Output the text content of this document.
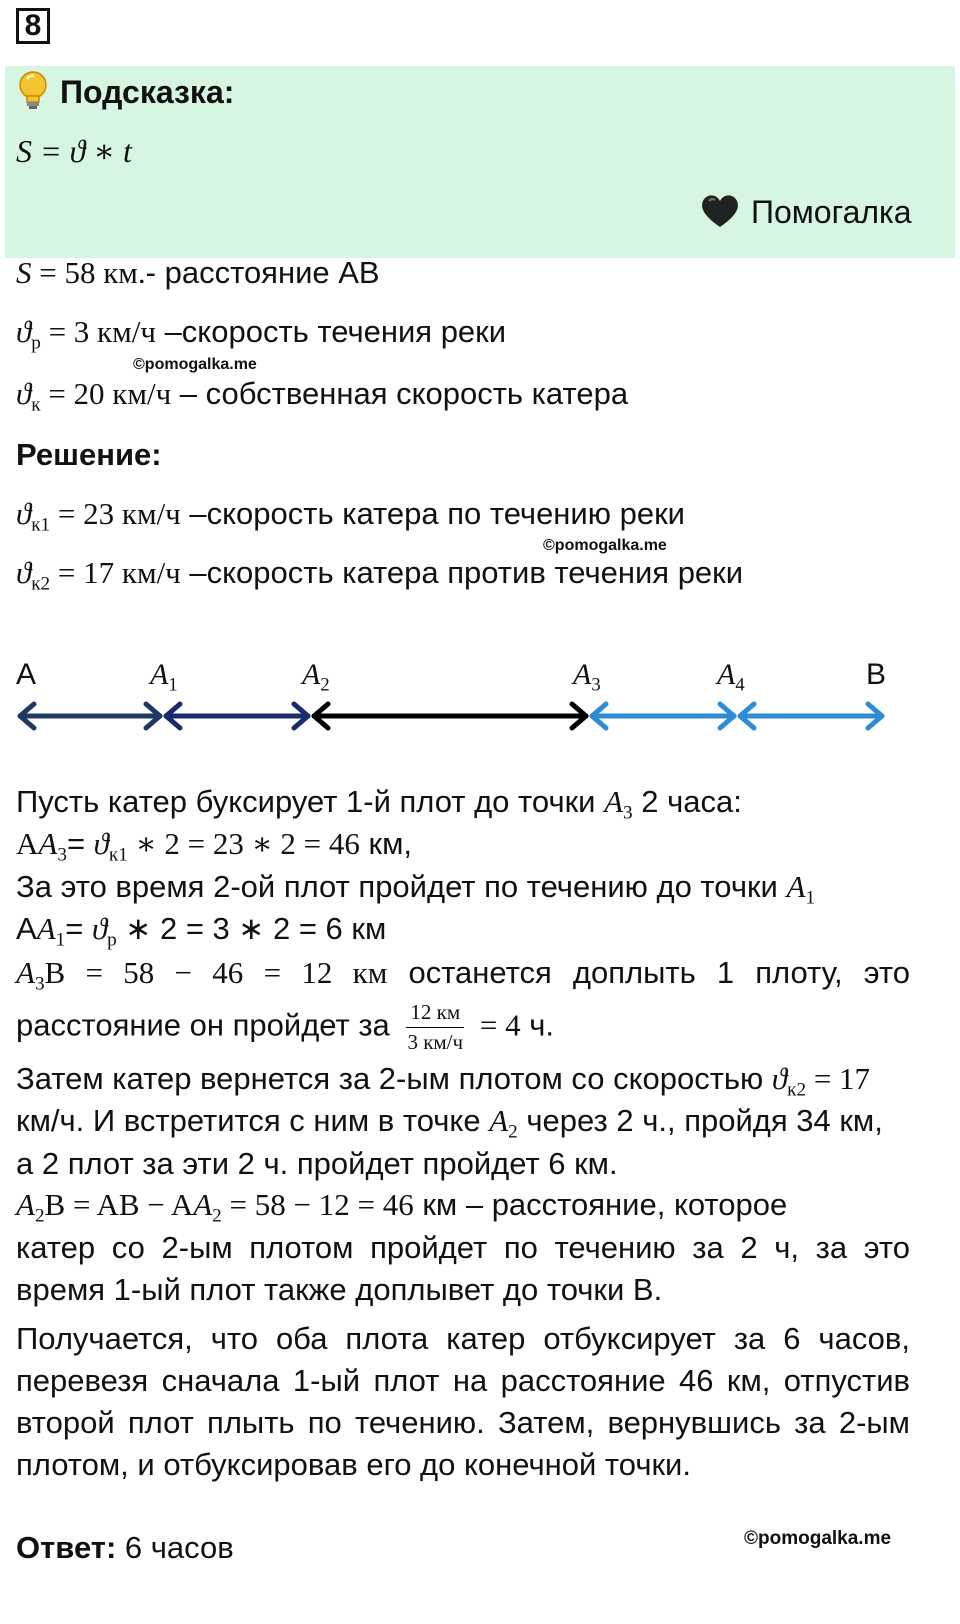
8
Подсказка:
S = ϑ ∗ t
Помогалка
S = 58 км.- расстояние АВ
$ϑ_р = 3$ км/ч –скорость течения реки
©pomogalka.me
$ϑ_к = 20$ км/ч – собственная скорость катера
Решение:
$ϑ_{к1} = 23$ км/ч –скорость катера по течению реки
©pomogalka.me
$ϑ_{к2} = 17$ км/ч –скорость катера против течения реки
A	$A_1$	$A_2$	$A_3$	$A_4$	B
Пусть катер буксирует 1-й плот до точки $A_3$ 2 часа:
$AA_3= ϑ_{к1}$ ∗ 2 = 23 ∗ 2 = 46 км,
За это время 2-ой плот пройдет по течению до точки $A_1$
$АA_1= ϑ_р$ ∗ 2 = 3 ∗ 2 = 6 км
$A_3B = 58 - 46 = 12$ км останется доплыть 1 плоту, это
расстояние он пройдет за $\frac{12 км}{3 км/ч} = 4$ ч.
Затем катер вернется за 2-ым плотом со скоростью $ϑ_{к2} = 17$
км/ч. И встретится с ним в точке $A_2$ через 2 ч., пройдя 34 км,
а 2 плот за эти 2 ч. пройдет пройдет 6 км.
$A_2B$ = AB − $AA_2 = 58 - 12 = 46$ км – расстояние, которое
катер со 2-ым плотом пройдет по течению за 2 ч, за это
время 1-ый плот также доплывет до точки В.
Получается, что оба плота катер отбуксирует за 6 часов,
перевезя сначала 1-ый плот на расстояние 46 км, отпустив
второй плот плыть по течению. Затем, вернувшись за 2-ым
плотом, и отбуксировав его до конечной точки.
Ответ: 6 часов	©pomogalka.me
